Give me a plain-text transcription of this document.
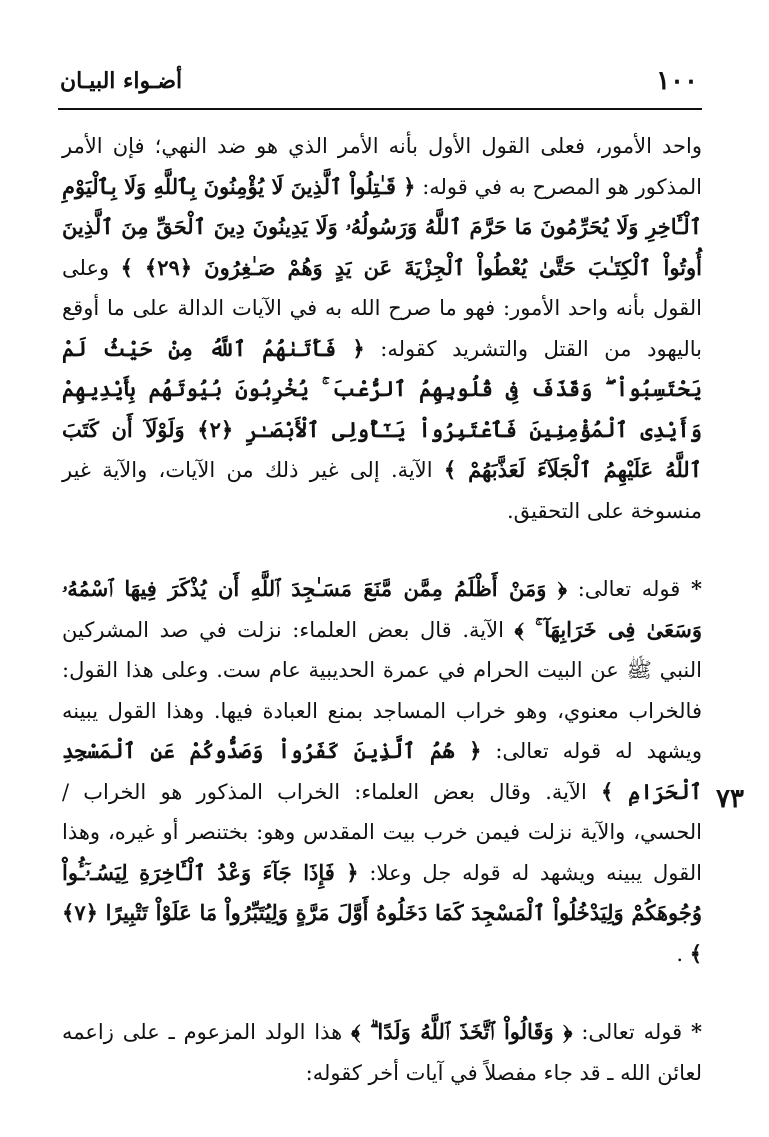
١٠٠
أضـواء البيـان

واحد الأمور، فعلى القول الأول بأنه الأمر الذي هو ضد النهي؛ فإن الأمر المذكور هو المصرح به في قوله: ﴿ قَـٰتِلُواْ ٱلَّذِينَ لَا يُؤْمِنُونَ بِٱللَّهِ وَلَا بِٱلْيَوْمِ ٱلْـَٔاخِرِ وَلَا يُحَرِّمُونَ مَا حَرَّمَ ٱللَّهُ وَرَسُولُهُۥ وَلَا يَدِينُونَ دِينَ ٱلْحَقِّ مِنَ ٱلَّذِينَ أُوتُواْ ٱلْكِتَـٰبَ حَتَّىٰ يُعْطُواْ ٱلْجِزْيَةَ عَن يَدٍ وَهُمْ صَـٰغِرُونَ ﴿٢٩﴾ ﴾ وعلى القول بأنه واحد الأمور: فهو ما صرح الله به في الآيات الدالة على ما أوقع باليهود من القتل والتشريد كقوله: ﴿ فَأَتَىٰهُمُ ٱللَّهُ مِنْ حَيْثُ لَمْ يَحْتَسِبُواْ ۖ وَقَذَفَ فِى قُلُوبِهِمُ ٱلرُّعْبَ ۚ يُخْرِبُونَ بُيُوتَهُم بِأَيْدِيهِمْ وَأَيْدِى ٱلْمُؤْمِنِينَ فَٱعْتَبِرُواْ يَـٰٓأُولِى ٱلْأَبْصَـٰرِ ﴿٢﴾ وَلَوْلَآ أَن كَتَبَ ٱللَّهُ عَلَيْهِمُ ٱلْجَلَآءَ لَعَذَّبَهُمْ ﴾ الآية. إلى غير ذلك من الآيات، والآية غير منسوخة على التحقيق.

* قوله تعالى: ﴿ وَمَنْ أَظْلَمُ مِمَّن مَّنَعَ مَسَـٰجِدَ ٱللَّهِ أَن يُذْكَرَ فِيهَا ٱسْمُهُۥ وَسَعَىٰ فِى خَرَابِهَآ ۚ ﴾ الآية. قال بعض العلماء: نزلت في صد المشركين النبي ﷺ عن البيت الحرام في عمرة الحديبية عام ست. وعلى هذا القول: فالخراب معنوي، وهو خراب المساجد بمنع العبادة فيها. وهذا القول يبينه ويشهد له قوله تعالى: ﴿ هُمُ ٱلَّذِينَ كَفَرُواْ وَصَدُّوكُمْ عَنِ ٱلْمَسْجِدِ ٱلْحَرَامِ ﴾ الآية. وقال بعض العلماء: الخراب المذكور هو الخراب / الحسي، والآية نزلت فيمن خرب بيت المقدس وهو: بختنصر أو غيره، وهذا القول يبينه ويشهد له قوله جل وعلا: ﴿ فَإِذَا جَآءَ وَعْدُ ٱلْـَٔاخِرَةِ لِيَسُـۥٓـُٔواْ وُجُوهَكُمْ وَلِيَدْخُلُواْ ٱلْمَسْجِدَ كَمَا دَخَلُوهُ أَوَّلَ مَرَّةٍ وَلِيُتَبِّرُواْ مَا عَلَوْاْ تَتْبِيرًا ﴿٧﴾ ﴾ .

* قوله تعالى: ﴿ وَقَالُواْ ٱتَّخَذَ ٱللَّهُ وَلَدًا ۗ ﴾ هذا الولد المزعوم ـ على زاعمه لعائن الله ـ قد جاء مفصلاً في آيات أخر كقوله:

٧٣
